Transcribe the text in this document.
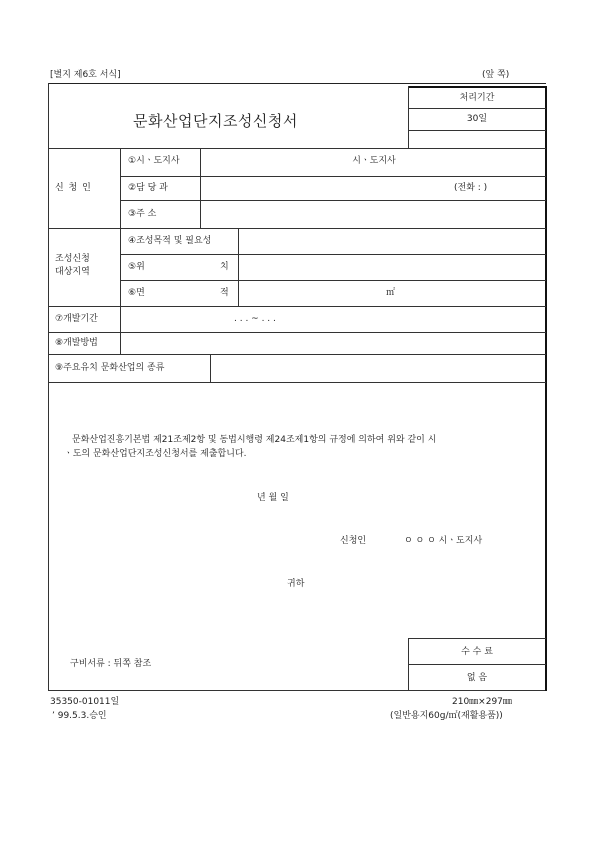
[별지 제6호 서식]	(앞 쪽)
문화산업단지조성신청서
처리기간
30일
신 청 인
①시ㆍ도지사	시ㆍ도지사
②담 당 과	(전화 : )
③주 소
조성신청
대상지역
④조성목적 및 필요성
⑤위	치
⑥면	적	㎡
⑦개발기간	. . . ~ . . .
⑧개발방법
⑨주요유치 문화산업의 종류
문화산업진흥기본법 제21조제2항 및 동법시행령 제24조제1항의 규정에 의하여 위와 같이 시
ㆍ도의 문화산업단지조성신청서를 제출합니다.
년 월 일
신청인	ㅇ ㅇ ㅇ 시ㆍ도지사
귀하
구비서류 : 뒤쪽 참조
수 수 료
없 음
35350-01011일
’ 99.5.3.승인
210㎜×297㎜
(일반용지60g/㎡(재활용품))
